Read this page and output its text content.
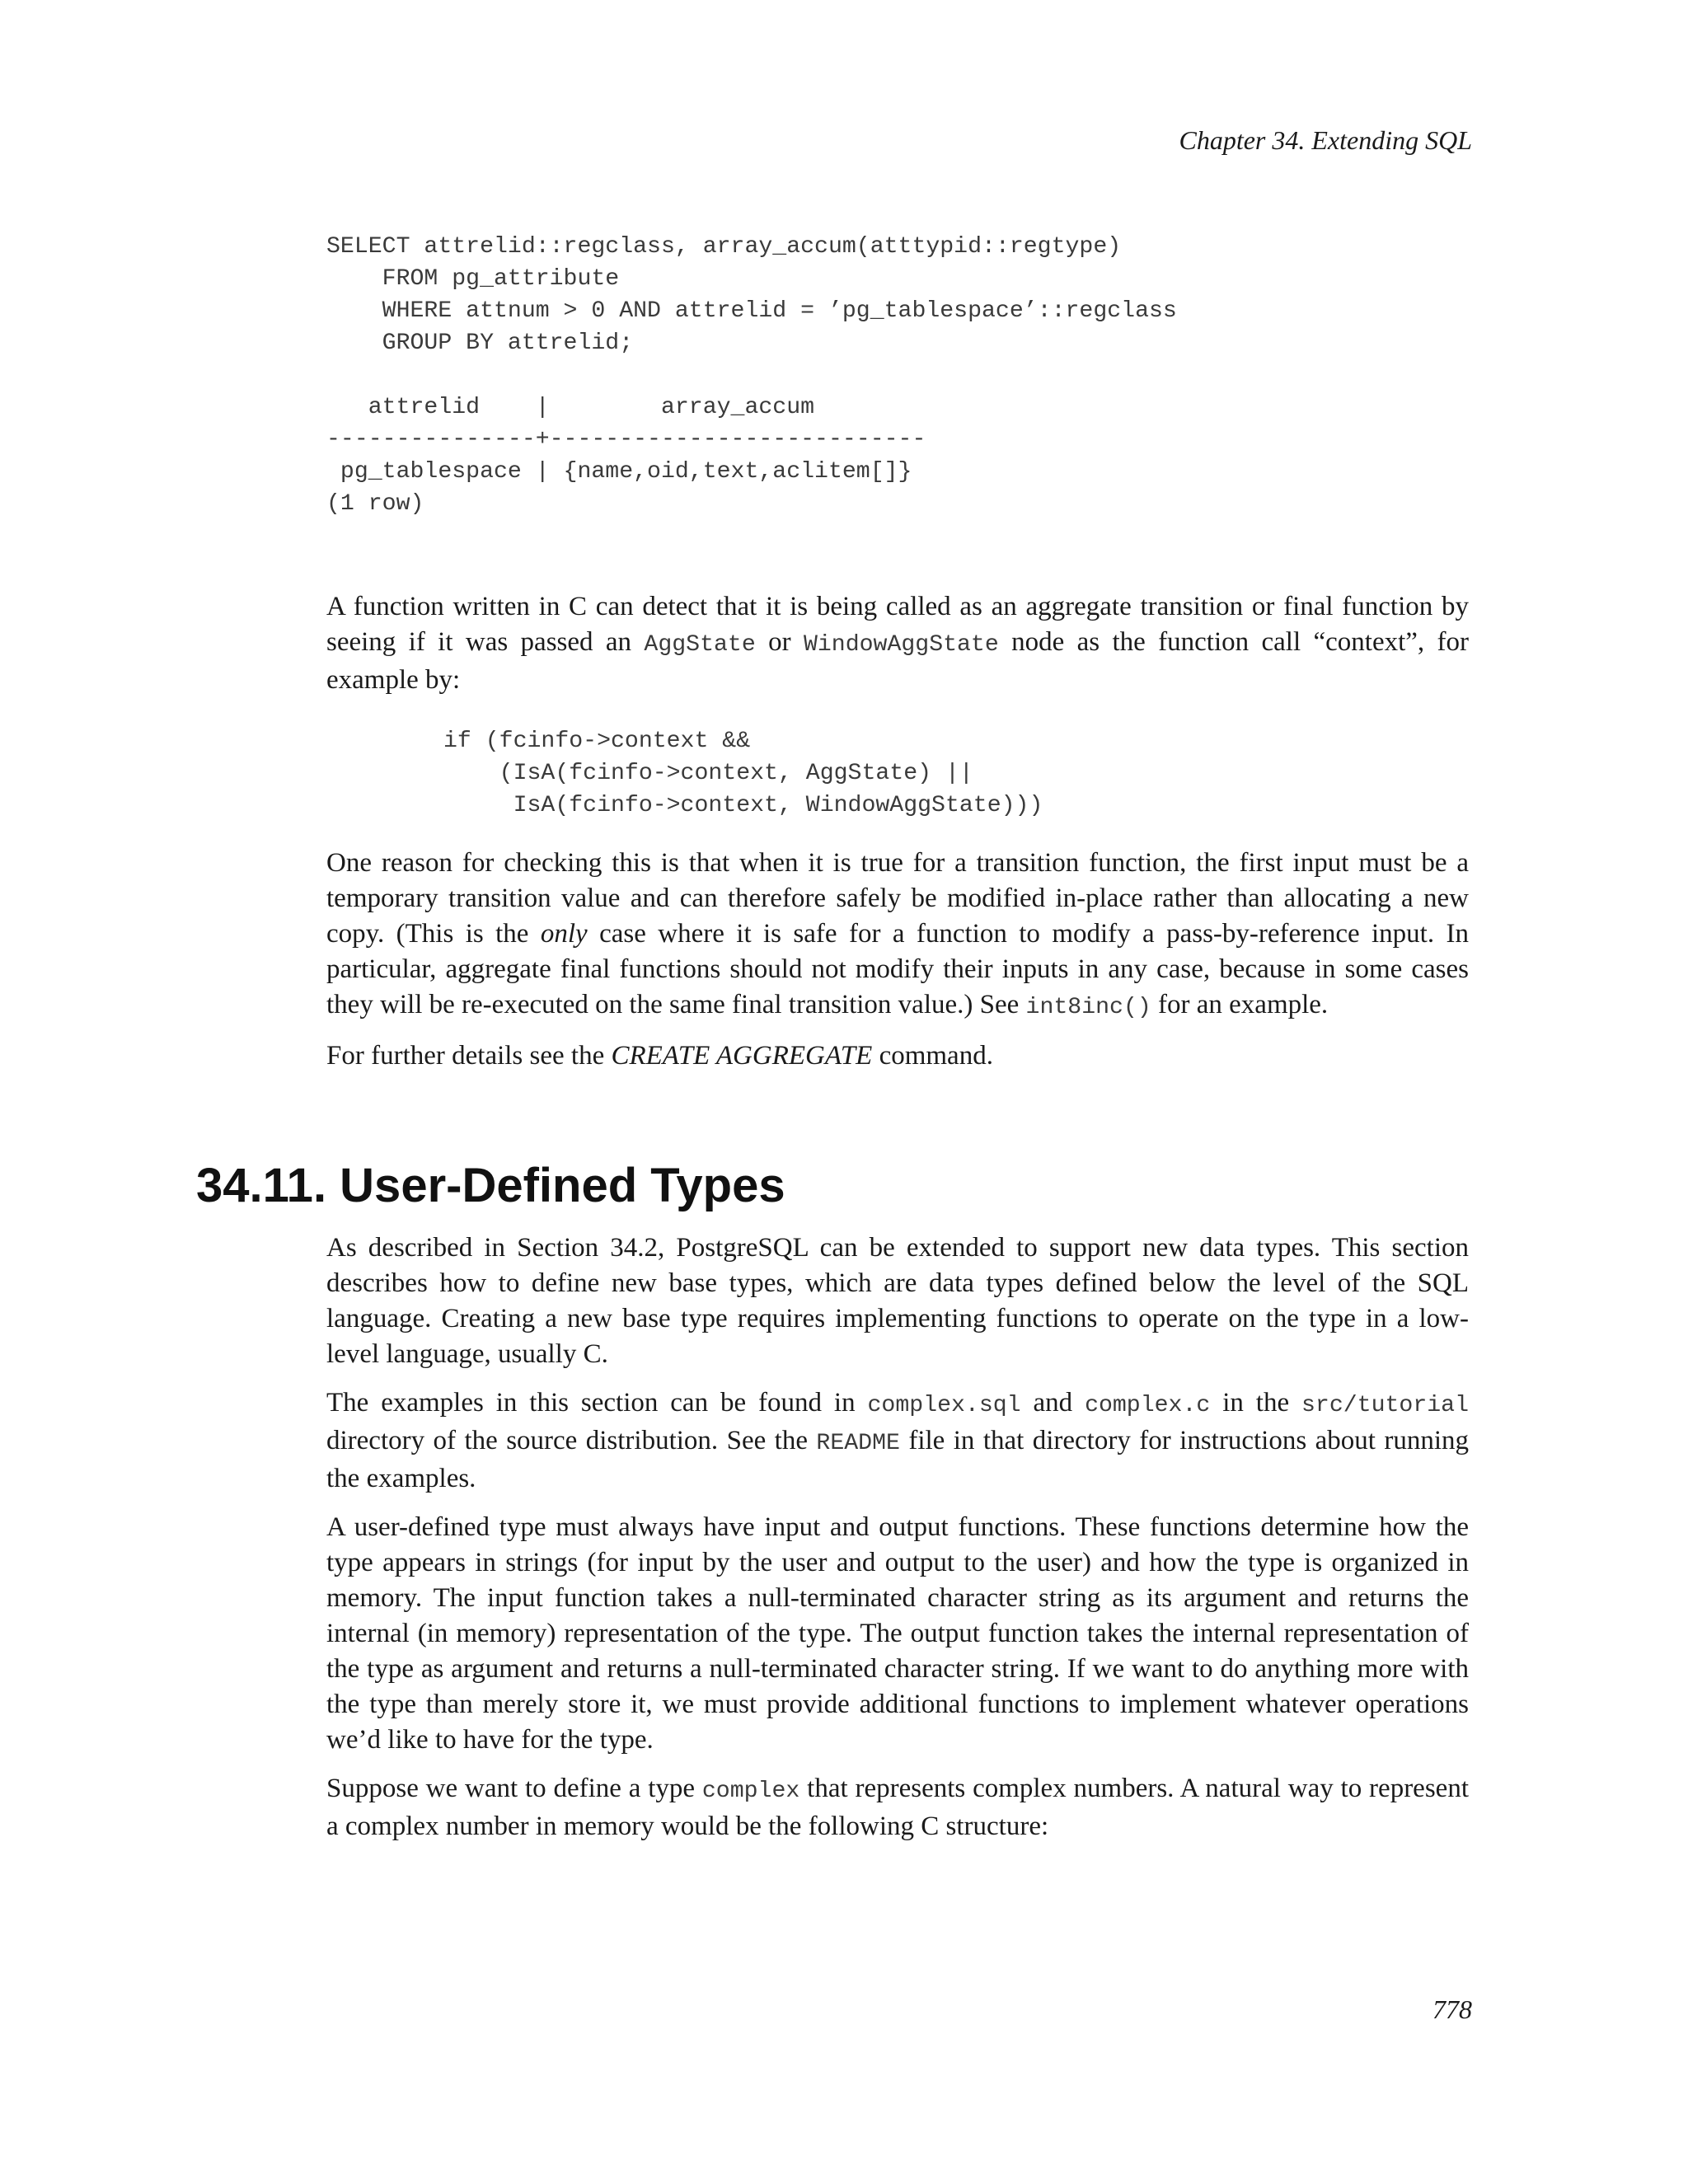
Chapter 34. Extending SQL
SELECT attrelid::regclass, array_accum(atttypid::regtype)
FROM pg_attribute
WHERE attnum > 0 AND attrelid = ’pg_tablespace’::regclass
GROUP BY attrelid;

attrelid    |        array_accum
---------------+---------------------------
pg_tablespace | {name,oid,text,aclitem[]}
(1 row)

A function written in C can detect that it is being called as an aggregate transition or final function by seeing if it was passed an AggState or WindowAggState node as the function call “context”, for example by:

if (fcinfo->context &&
(IsA(fcinfo->context, AggState) ||
IsA(fcinfo->context, WindowAggState)))

One reason for checking this is that when it is true for a transition function, the first input must be a temporary transition value and can therefore safely be modified in-place rather than allocating a new copy. (This is the only case where it is safe for a function to modify a pass-by-reference input. In particular, aggregate final functions should not modify their inputs in any case, because in some cases they will be re-executed on the same final transition value.) See int8inc() for an example.

For further details see the CREATE AGGREGATE command.

34.11. User-Defined Types

As described in Section 34.2, PostgreSQL can be extended to support new data types. This section describes how to define new base types, which are data types defined below the level of the SQL language. Creating a new base type requires implementing functions to operate on the type in a low-level language, usually C.

The examples in this section can be found in complex.sql and complex.c in the src/tutorial directory of the source distribution. See the README file in that directory for instructions about running the examples.

A user-defined type must always have input and output functions. These functions determine how the type appears in strings (for input by the user and output to the user) and how the type is organized in memory. The input function takes a null-terminated character string as its argument and returns the internal (in memory) representation of the type. The output function takes the internal representation of the type as argument and returns a null-terminated character string. If we want to do anything more with the type than merely store it, we must provide additional functions to implement whatever operations we’d like to have for the type.

Suppose we want to define a type complex that represents complex numbers. A natural way to represent a complex number in memory would be the following C structure:

778
